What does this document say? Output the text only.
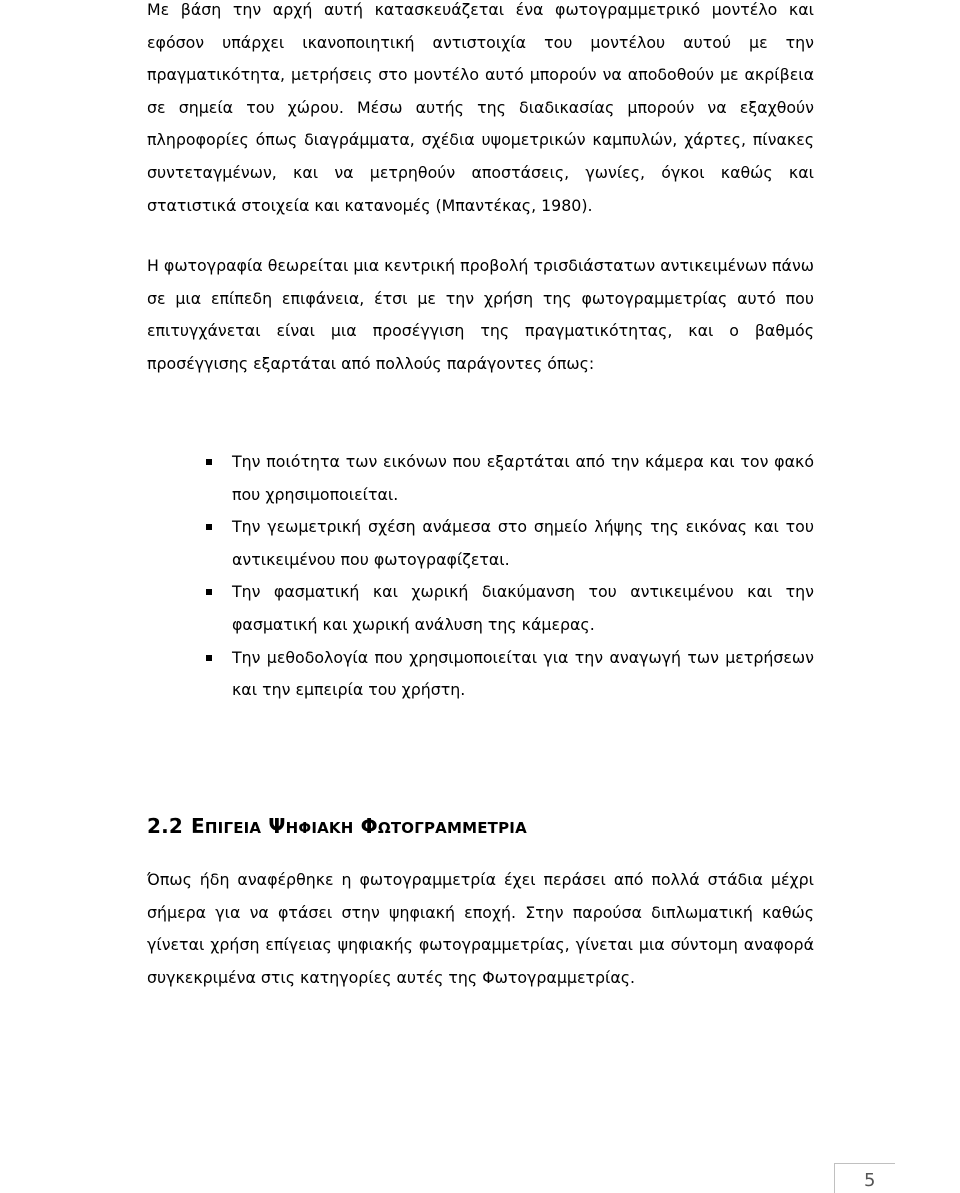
Με βάση την αρχή αυτή κατασκευάζεται ένα φωτογραμμετρικό μοντέλο και εφόσον υπάρχει ικανοποιητική αντιστοιχία του μοντέλου αυτού με την πραγματικότητα, μετρήσεις στο μοντέλο αυτό μπορούν να αποδοθούν με ακρίβεια σε σημεία του χώρου. Μέσω αυτής της διαδικασίας μπορούν να εξαχθούν πληροφορίες όπως διαγράμματα, σχέδια υψομετρικών καμπυλών, χάρτες, πίνακες συντεταγμένων, και να μετρηθούν αποστάσεις, γωνίες, όγκοι καθώς και στατιστικά στοιχεία και κατανομές (Μπαντέκας, 1980).

Η φωτογραφία θεωρείται μια κεντρική προβολή τρισδιάστατων αντικειμένων πάνω σε μια επίπεδη επιφάνεια, έτσι με την χρήση της φωτογραμμετρίας αυτό που επιτυγχάνεται είναι μια προσέγγιση της πραγματικότητας, και ο βαθμός προσέγγισης εξαρτάται από πολλούς παράγοντες όπως:

Την ποιότητα των εικόνων που εξαρτάται από την κάμερα και τον φακό που χρησιμοποιείται.
Την γεωμετρική σχέση ανάμεσα στο σημείο λήψης της εικόνας και του αντικειμένου που φωτογραφίζεται.
Την φασματική και χωρική διακύμανση του αντικειμένου και την φασματική και χωρική ανάλυση της κάμερας.
Την μεθοδολογία που χρησιμοποιείται για την αναγωγή των μετρήσεων και την εμπειρία του χρήστη.
2.2 ΕΠΙΓΕΙΑ ΨΗΦΙΑΚΗ ΦΩΤΟΓΡΑΜΜΕΤΡΙΑ

Όπως ήδη αναφέρθηκε η φωτογραμμετρία έχει περάσει από πολλά στάδια μέχρι σήμερα για να φτάσει στην ψηφιακή εποχή. Στην παρούσα διπλωματική καθώς γίνεται χρήση επίγειας ψηφιακής φωτογραμμετρίας, γίνεται μια σύντομη αναφορά συγκεκριμένα στις κατηγορίες αυτές της Φωτογραμμετρίας.

5
